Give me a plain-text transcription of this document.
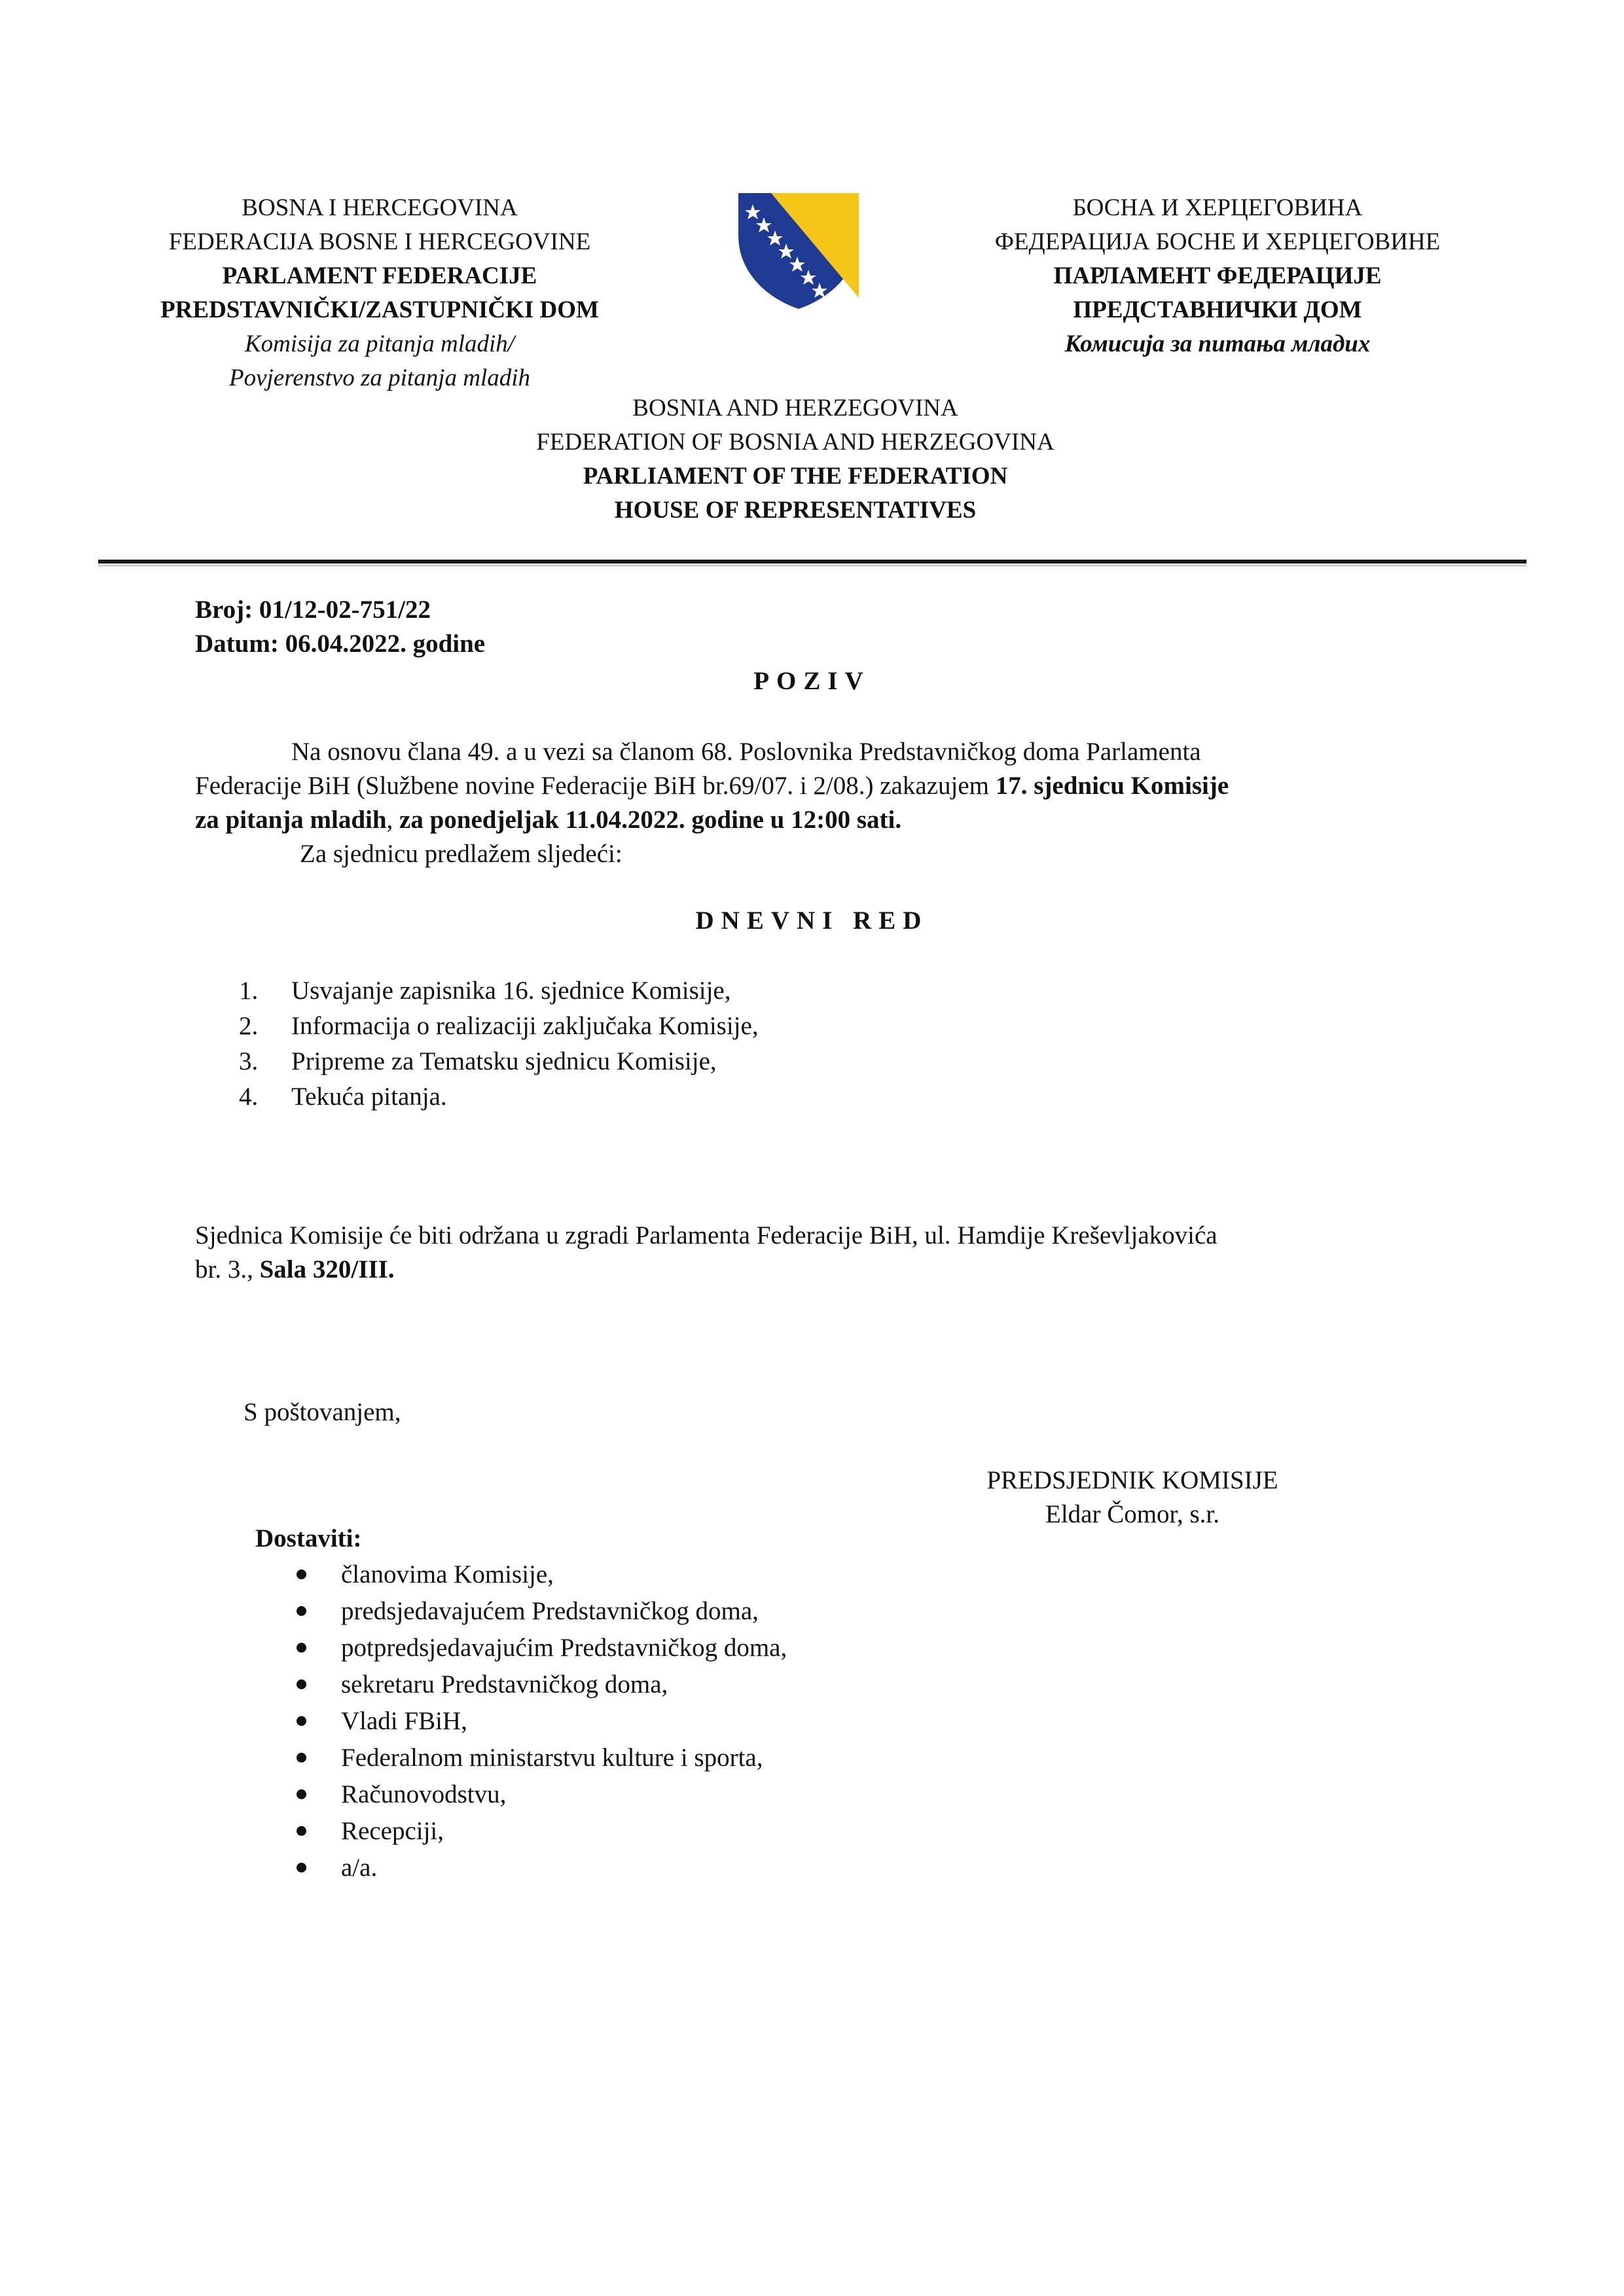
BOSNA I HERCEGOVINA
FEDERACIJA BOSNE I HERCEGOVINE
PARLAMENT FEDERACIJE
PREDSTAVNIČKI/ZASTUPNIČKI DOM
Komisija za pitanja mladih/
Povjerenstvo za pitanja mladih
БОСНА И ХЕРЦЕГОВИНА
ФЕДЕРАЦИЈА БОСНЕ И ХЕРЦЕГОВИНЕ
ПАРЛАМЕНТ ФЕДЕРАЦИЈЕ
ПРЕДСТАВНИЧКИ ДОМ
Комисија за питања младих
BOSNIA AND HERZEGOVINA
FEDERATION OF BOSNIA AND HERZEGOVINA
PARLIAMENT OF THE FEDERATION
HOUSE OF REPRESENTATIVES
Broj: 01/12-02-751/22
Datum: 06.04.2022. godine
POZIV
Na osnovu člana 49. a u vezi sa članom 68. Poslovnika Predstavničkog doma Parlamenta
Federacije BiH (Službene novine Federacije BiH br.69/07. i 2/08.) zakazujem 17. sjednicu Komisije
za pitanja mladih, za ponedjeljak 11.04.2022. godine u 12:00 sati.
Za sjednicu predlažem sljedeći:
DNEVNI RED
1. Usvajanje zapisnika 16. sjednice Komisije,
2. Informacija o realizaciji zaključaka Komisije,
3. Pripreme za Tematsku sjednicu Komisije,
4. Tekuća pitanja.
Sjednica Komisije će biti održana u zgradi Parlamenta Federacije BiH, ul. Hamdije Kreševljakovića
br. 3., Sala 320/III.
S poštovanjem,
PREDSJEDNIK KOMISIJE
Eldar Čomor, s.r.
Dostaviti:
članovima Komisije,
predsjedavajućem Predstavničkog doma,
potpredsjedavajućim Predstavničkog doma,
sekretaru Predstavničkog doma,
Vladi FBiH,
Federalnom ministarstvu kulture i sporta,
Računovodstvu,
Recepciji,
a/a.
